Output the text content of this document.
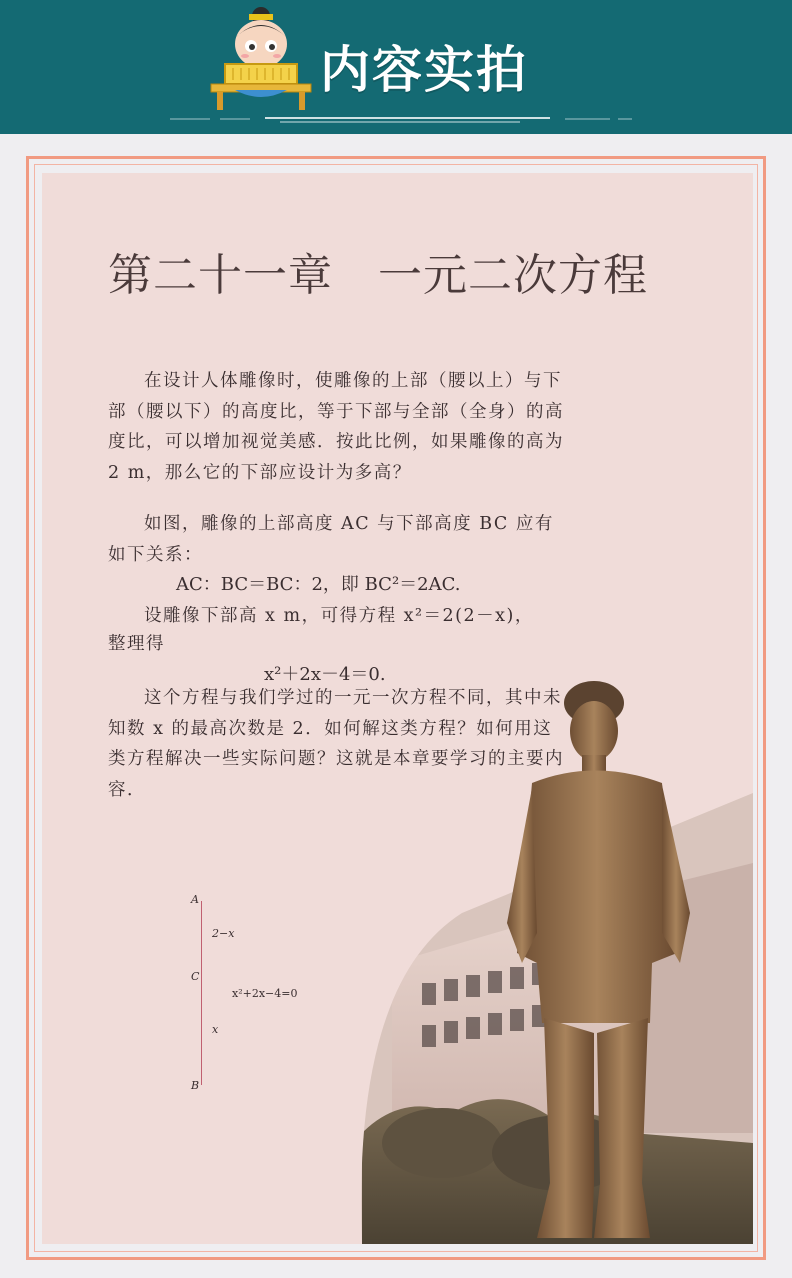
内容实拍
第二十一章   一元二次方程
在设计人体雕像时，使雕像的上部（腰以上）与下部（腰以下）的高度比，等于下部与全部（全身）的高度比，可以增加视觉美感．按此比例，如果雕像的高为 2 m，那么它的下部应设计为多高？
如图，雕像的上部高度 AC 与下部高度 BC 应有如下关系：
AC：BC＝BC：2，即 BC²＝2AC.
设雕像下部高 x m，可得方程 x²＝2(2－x)，
整理得
x²＋2x－4＝0.
这个方程与我们学过的一元一次方程不同，其中未知数 x 的最高次数是 2．如何解这类方程？如何用这类方程解决一些实际问题？这就是本章要学习的主要内容．
A
C
B
2−x
x
x²+2x−4=0
